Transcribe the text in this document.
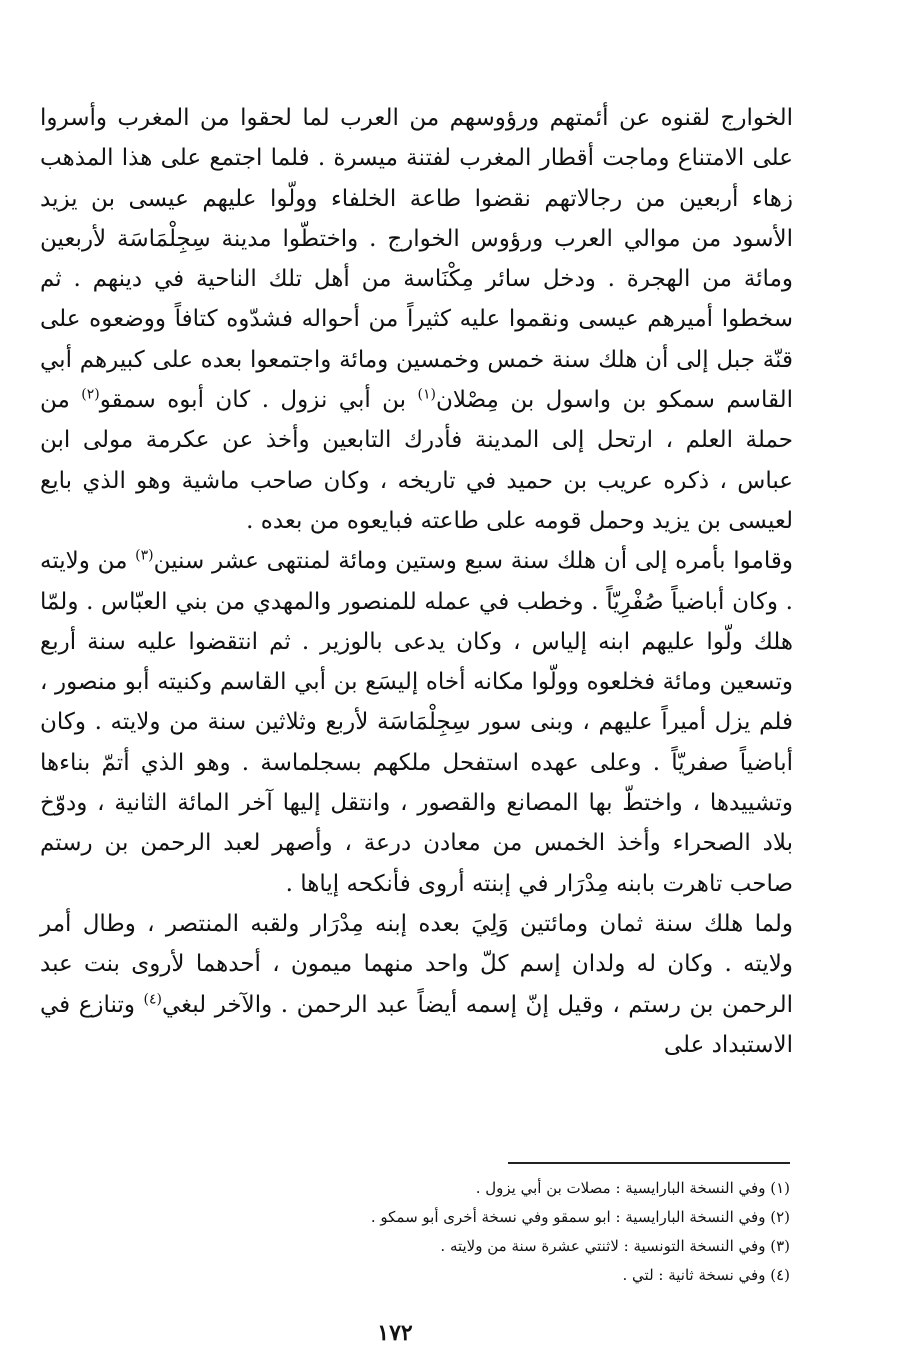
الخوارج لقنوه عن أئمتهم ورؤوسهم من العرب لما لحقوا من المغرب وأسروا على الامتناع وماجت أقطار المغرب لفتنة ميسرة . فلما اجتمع على هذا المذهب زهاء أربعين من رجالاتهم نقضوا طاعة الخلفاء وولّوا عليهم عيسى بن يزيد الأسود من موالي العرب ورؤوس الخوارج . واختطّوا مدينة سِجِلْمَاسَة لأربعين ومائة من الهجرة . ودخل سائر مِكْنَاسة من أهل تلك الناحية في دينهم . ثم سخطوا أميرهم عيسى ونقموا عليه كثيراً من أحواله فشدّوه كتافاً ووضعوه على قنّة جبل إلى أن هلك سنة خمس وخمسين ومائة واجتمعوا بعده على كبيرهم أبي القاسم سمكو بن واسول بن مِصْلان$^{(١)}$ بن أبي نزول . كان أبوه سمقو$^{(٢)}$ من حملة العلم ، ارتحل إلى المدينة فأدرك التابعين وأخذ عن عكرمة مولى ابن عباس ، ذكره عريب بن حميد في تاريخه ، وكان صاحب ماشية وهو الذي بايع لعيسى بن يزيد وحمل قومه على طاعته فبايعوه من بعده .

وقاموا بأمره إلى أن هلك سنة سبع وستين ومائة لمنتهى عشر سنين$^{(٣)}$ من ولايته . وكان أباضياً صُفْرِيّاً . وخطب في عمله للمنصور والمهدي من بني العبّاس . ولمّا هلك ولّوا عليهم ابنه إلياس ، وكان يدعى بالوزير . ثم انتقضوا عليه سنة أربع وتسعين ومائة فخلعوه وولّوا مكانه أخاه إليسَع بن أبي القاسم وكنيته أبو منصور ، فلم يزل أميراً عليهم ، وبنى سور سِجِلْمَاسَة لأربع وثلاثين سنة من ولايته . وكان أباضياً صفريّاً . وعلى عهده استفحل ملكهم بسجلماسة . وهو الذي أتمّ بناءها وتشييدها ، واختطّ بها المصانع والقصور ، وانتقل إليها آخر المائة الثانية ، ودوّخ بلاد الصحراء وأخذ الخمس من معادن درعة ، وأصهر لعبد الرحمن بن رستم صاحب تاهرت بابنه مِدْرَار في إبنته أروى فأنكحه إياها .

ولما هلك سنة ثمان ومائتين وَلِيَ بعده إبنه مِدْرَار ولقبه المنتصر ، وطال أمر ولايته . وكان له ولدان إسم كلّ واحد منهما ميمون ، أحدهما لأروى بنت عبد الرحمن بن رستم ، وقيل إنّ إسمه أيضاً عبد الرحمن . والآخر لبغي$^{(٤)}$ وتنازع في الاستبداد على

(١) وفي النسخة البارايسية : مصلات بن أبي يزول .

(٢) وفي النسخة البارايسية : ابو سمقو وفي نسخة أخرى أبو سمكو .

(٣) وفي النسخة التونسية : لاثنتي عشرة سنة من ولايته .

(٤) وفي نسخة ثانية : لتي .

١٧٢
